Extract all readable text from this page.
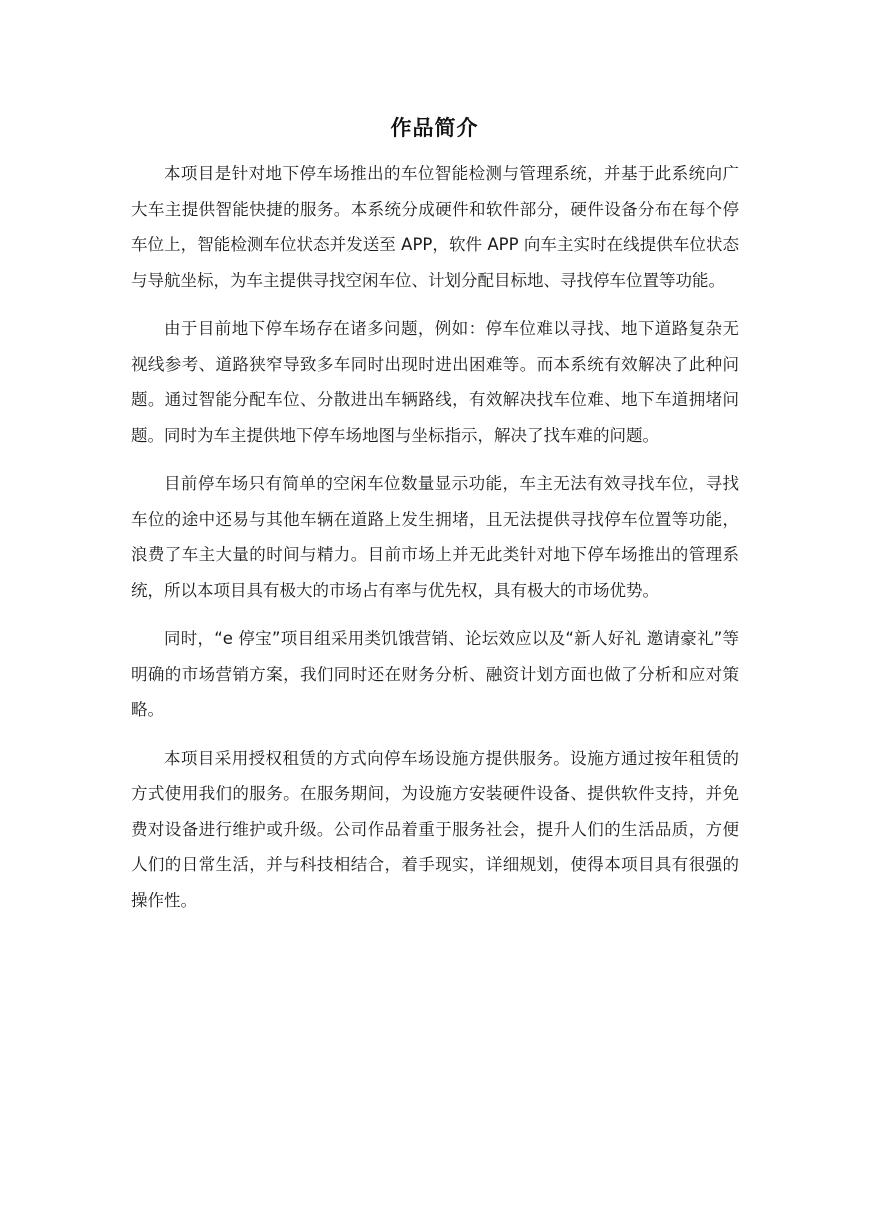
作品简介

本项目是针对地下停车场推出的车位智能检测与管理系统，并基于此系统向广大车主提供智能快捷的服务。本系统分成硬件和软件部分，硬件设备分布在每个停车位上，智能检测车位状态并发送至 APP，软件 APP 向车主实时在线提供车位状态与导航坐标，为车主提供寻找空闲车位、计划分配目标地、寻找停车位置等功能。

由于目前地下停车场存在诸多问题，例如：停车位难以寻找、地下道路复杂无视线参考、道路狭窄导致多车同时出现时进出困难等。而本系统有效解决了此种问题。通过智能分配车位、分散进出车辆路线，有效解决找车位难、地下车道拥堵问题。同时为车主提供地下停车场地图与坐标指示，解决了找车难的问题。

目前停车场只有简单的空闲车位数量显示功能，车主无法有效寻找车位，寻找车位的途中还易与其他车辆在道路上发生拥堵，且无法提供寻找停车位置等功能，浪费了车主大量的时间与精力。目前市场上并无此类针对地下停车场推出的管理系统，所以本项目具有极大的市场占有率与优先权，具有极大的市场优势。

同时，“e 停宝”项目组采用类饥饿营销、论坛效应以及“新人好礼 邀请豪礼”等明确的市场营销方案，我们同时还在财务分析、融资计划方面也做了分析和应对策略。

本项目采用授权租赁的方式向停车场设施方提供服务。设施方通过按年租赁的方式使用我们的服务。在服务期间，为设施方安装硬件设备、提供软件支持，并免费对设备进行维护或升级。公司作品着重于服务社会，提升人们的生活品质，方便人们的日常生活，并与科技相结合，着手现实，详细规划，使得本项目具有很强的操作性。
